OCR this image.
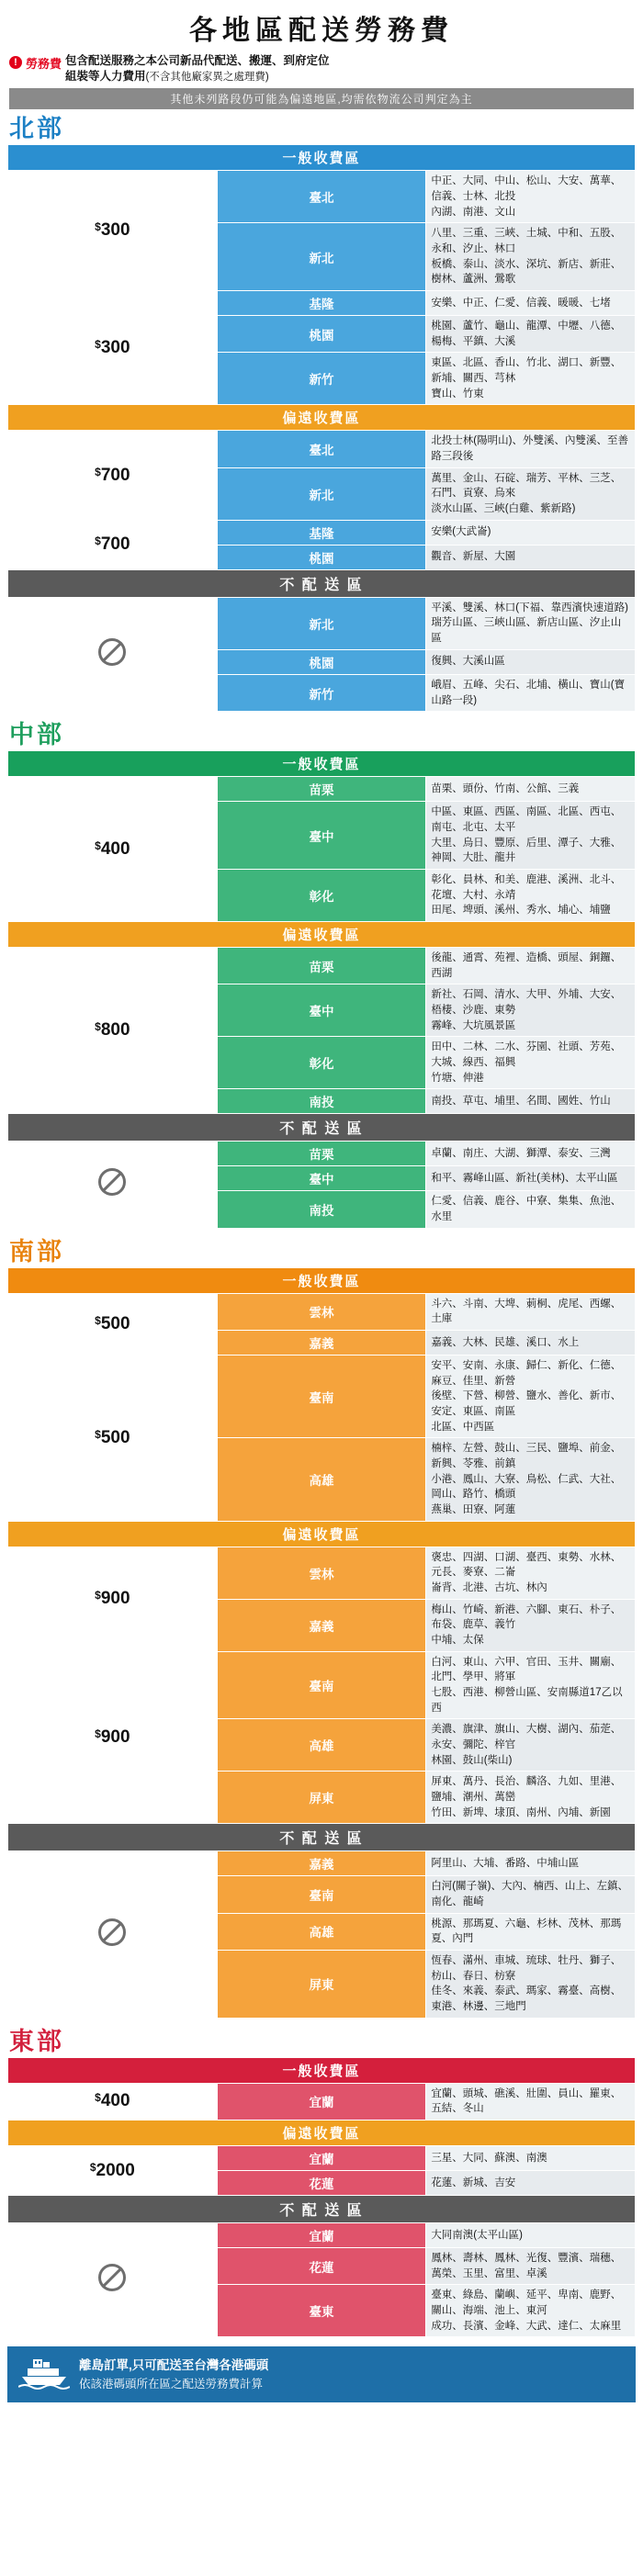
各地區配送勞務費
! 勞務費 包含配送服務之本公司新品代配送、搬運、到府定位
組裝等人力費用(不含其他廠家異之處理費)
其他未列路段仍可能為偏遠地區,均需依物流公司判定為主
北部
一般收費區		
$300	臺北	中正、大同、中山、松山、大安、萬華、信義、士林、北投
內湖、南港、文山

	新北	八里、三重、三峽、土城、中和、五股、永和、汐止、林口
板橋、泰山、淡水、深坑、新店、新莊、樹林、蘆洲、鶯歌

$300	基隆	安樂、中正、仁愛、信義、暖暖、七堵

	桃園	桃園、蘆竹、龜山、龍潭、中壢、八德、楊梅、平鎮、大溪

	新竹	東區、北區、香山、竹北、湖口、新豐、新埔、關西、芎林
寶山、竹東

偏遠收費區		
$700	臺北	北投士林(陽明山)、外雙溪、內雙溪、至善路三段後

	新北	萬里、金山、石碇、瑞芳、平林、三芝、石門、貢寮、烏來
淡水山區、三峽(白雞、紫新路)

$700	基隆	安樂(大武崙)

	桃園	觀音、新屋、大園

不 配 送 區		
	新北	平溪、雙溪、林口(下福、靠西濱快速道路)
瑞芳山區、三峽山區、新店山區、汐止山區

	桃園	復興、大溪山區

	新竹	峨眉、五峰、尖石、北埔、橫山、寶山(寶山路一段)
中部
一般收費區		
$400	苗栗	苗栗、頭份、竹南、公館、三義

	臺中	中區、東區、西區、南區、北區、西屯、南屯、北屯、太平
大里、烏日、豐原、后里、潭子、大雅、神岡、大肚、龍井

	彰化	彰化、員林、和美、鹿港、溪洲、北斗、花壇、大村、永靖
田尾、埤頭、溪州、秀水、埔心、埔鹽

偏遠收費區		
$800	苗栗	後龍、通霄、苑裡、造橋、頭屋、銅鑼、西湖

	臺中	新社、石岡、清水、大甲、外埔、大安、梧棲、沙鹿、東勢
霧峰、大坑風景區

	彰化	田中、二林、二水、芬園、社頭、芳苑、大城、線西、福興
竹塘、伸港

	南投	南投、草屯、埔里、名間、國姓、竹山

不 配 送 區		
	苗栗	卓蘭、南庄、大湖、獅潭、泰安、三灣

	臺中	和平、霧峰山區、新社(美林)、太平山區

	南投	仁愛、信義、鹿谷、中寮、集集、魚池、水里
南部
一般收費區		
$500	雲林	斗六、斗南、大埤、莿桐、虎尾、西螺、土庫

	嘉義	嘉義、大林、民雄、溪口、水上

$500	臺南	安平、安南、永康、歸仁、新化、仁德、麻豆、佳里、新營
後壁、下營、柳營、鹽水、善化、新市、安定、東區、南區
北區、中西區

	高雄	楠梓、左營、鼓山、三民、鹽埠、前金、新興、苓雅、前鎮
小港、鳳山、大寮、鳥松、仁武、大社、岡山、路竹、橋頭
燕巢、田寮、阿蓮

偏遠收費區		
$900	雲林	褒忠、四湖、口湖、臺西、東勢、水林、元長、麥寮、二崙
崙背、北港、古坑、林內

	嘉義	梅山、竹崎、新港、六腳、東石、朴子、布袋、鹿草、義竹
中埔、太保

$900	臺南	白河、東山、六甲、官田、玉井、關廟、北門、學甲、將軍
七股、西港、柳營山區、安南縣道17乙以西

	高雄	美濃、旗津、旗山、大樹、湖內、茄萣、永安、彌陀、梓官
林園、鼓山(柴山)

	屏東	屏東、萬丹、長治、麟洛、九如、里港、鹽埔、潮州、萬巒
竹田、新埤、埭頂、南州、內埔、新園

不 配 送 區		
	嘉義	阿里山、大埔、番路、中埔山區

	臺南	白河(關子嶺)、大內、楠西、山上、左鎮、南化、龍崎

	高雄	桃源、那瑪夏、六龜、杉林、茂林、那瑪夏、內門

	屏東	恆春、滿州、車城、琉球、牡丹、獅子、枋山、春日、枋寮
佳冬、來義、泰武、瑪家、霧臺、高樹、東港、林邊、三地門
東部
一般收費區		
$400	宜蘭	宜蘭、頭城、礁溪、壯圍、員山、羅東、五結、冬山

偏遠收費區		
$2000	宜蘭	三星、大同、蘇澳、南澳

	花蓮	花蓮、新城、吉安

不 配 送 區		
	宜蘭	大同南澳(太平山區)

	花蓮	鳳林、壽林、鳳林、光復、豐濱、瑞穗、萬榮、玉里、富里、卓溪

	臺東	臺東、綠島、蘭嶼、延平、卑南、鹿野、關山、海端、池上、東河
成功、長濱、金峰、大武、達仁、太麻里
離島訂單,只可配送至台灣各港碼頭
依該港碼頭所在區之配送勞務費計算
